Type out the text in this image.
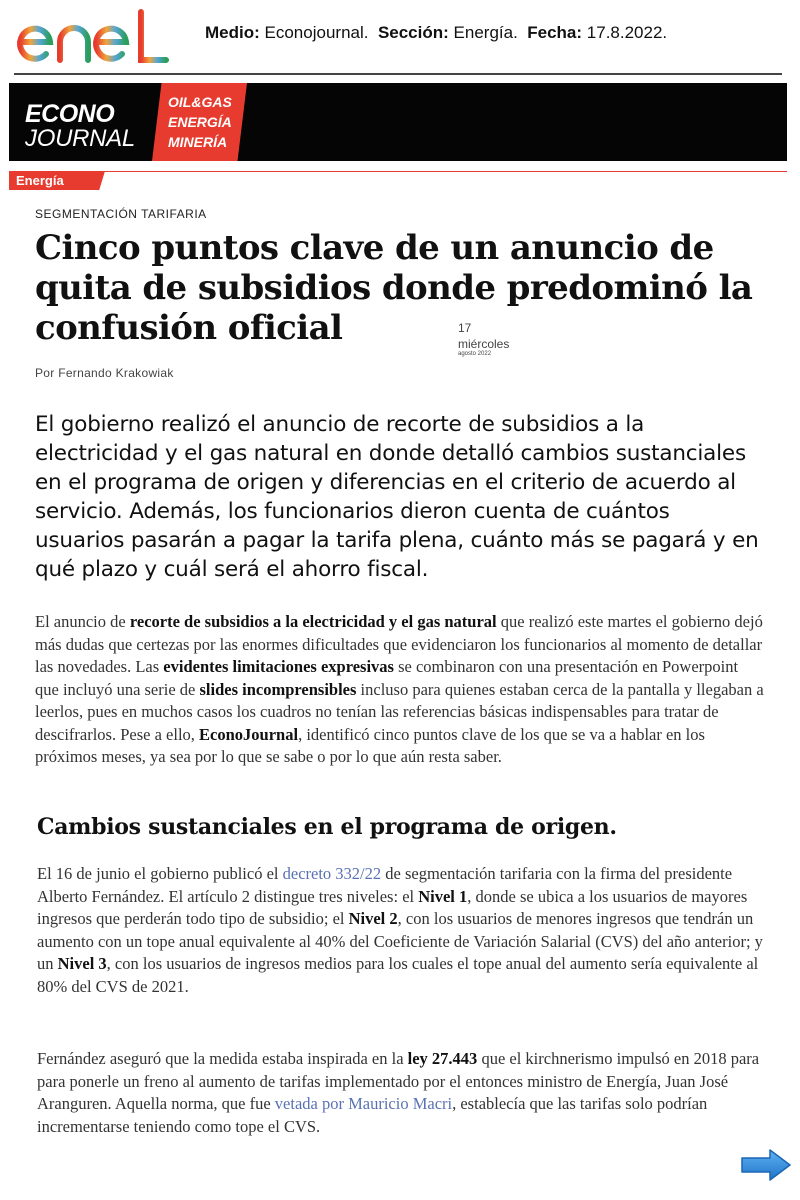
Medio: Econojournal. Sección: Energía. Fecha: 17.8.2022.
ECONO
JOURNAL
OIL&GAS
ENERGÍA
MINERÍA
Energía
SEGMENTACIÓN TARIFARIA
Cinco puntos clave de un anuncio de quita de subsidios donde predominó la confusión oficial	17
miércoles
agosto 2022
Por Fernando Krakowiak

El gobierno realizó el anuncio de recorte de subsidios a la electricidad y el gas natural en donde detalló cambios sustanciales en el programa de origen y diferencias en el criterio de acuerdo al servicio. Además, los funcionarios dieron cuenta de cuántos usuarios pasarán a pagar la tarifa plena, cuánto más se pagará y en qué plazo y cuál será el ahorro fiscal.

El anuncio de recorte de subsidios a la electricidad y el gas natural que realizó este martes el gobierno dejó más dudas que certezas por las enormes dificultades que evidenciaron los funcionarios al momento de detallar las novedades. Las evidentes limitaciones expresivas se combinaron con una presentación en Powerpoint que incluyó una serie de slides incomprensibles incluso para quienes estaban cerca de la pantalla y llegaban a leerlos, pues en muchos casos los cuadros no tenían las referencias básicas indispensables para tratar de descifrarlos. Pese a ello, EconoJournal, identificó cinco puntos clave de los que se va a hablar en los próximos meses, ya sea por lo que se sabe o por lo que aún resta saber.

Cambios sustanciales en el programa de origen.

El 16 de junio el gobierno publicó el decreto 332/22 de segmentación tarifaria con la firma del presidente Alberto Fernández. El artículo 2 distingue tres niveles: el Nivel 1, donde se ubica a los usuarios de mayores ingresos que perderán todo tipo de subsidio; el Nivel 2, con los usuarios de menores ingresos que tendrán un aumento con un tope anual equivalente al 40% del Coeficiente de Variación Salarial (CVS) del año anterior; y un Nivel 3, con los usuarios de ingresos medios para los cuales el tope anual del aumento sería equivalente al 80% del CVS de 2021.

Fernández aseguró que la medida estaba inspirada en la ley 27.443 que el kirchnerismo impulsó en 2018 para para ponerle un freno al aumento de tarifas implementado por el entonces ministro de Energía, Juan José Aranguren. Aquella norma, que fue vetada por Mauricio Macri, establecía que las tarifas solo podrían incrementarse teniendo como tope el CVS.
